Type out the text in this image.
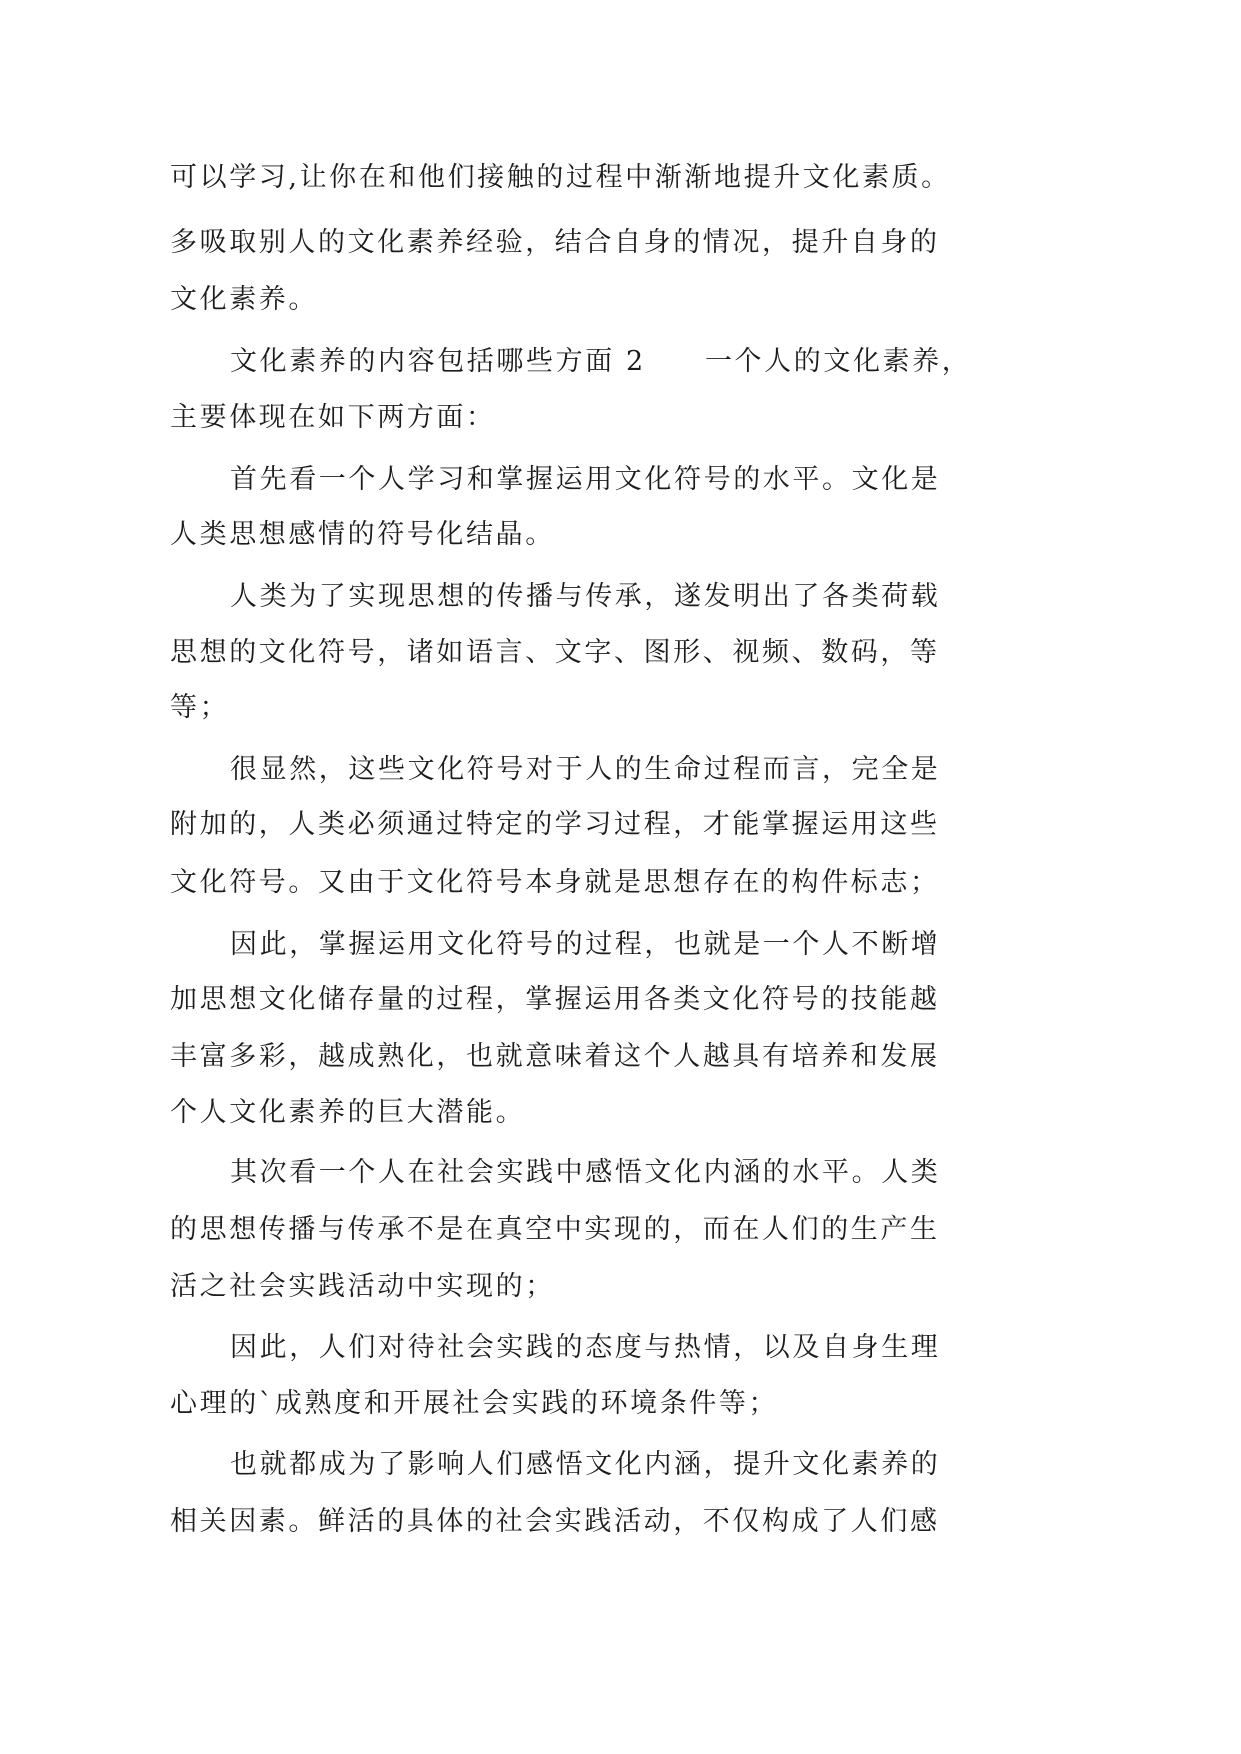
可以学习,让你在和他们接触的过程中渐渐地提升文化素质。
多吸取别人的文化素养经验，结合自身的情况，提升自身的
文化素养。
文化素养的内容包括哪些方面 2　　一个人的文化素养，
主要体现在如下两方面：
首先看一个人学习和掌握运用文化符号的水平。文化是
人类思想感情的符号化结晶。
人类为了实现思想的传播与传承，遂发明出了各类荷载
思想的文化符号，诸如语言、文字、图形、视频、数码，等
等；
很显然，这些文化符号对于人的生命过程而言，完全是
附加的，人类必须通过特定的学习过程，才能掌握运用这些
文化符号。又由于文化符号本身就是思想存在的构件标志；
因此，掌握运用文化符号的过程，也就是一个人不断增
加思想文化储存量的过程，掌握运用各类文化符号的技能越
丰富多彩，越成熟化，也就意味着这个人越具有培养和发展
个人文化素养的巨大潜能。
其次看一个人在社会实践中感悟文化内涵的水平。人类
的思想传播与传承不是在真空中实现的，而在人们的生产生
活之社会实践活动中实现的；
因此，人们对待社会实践的态度与热情，以及自身生理
心理的`成熟度和开展社会实践的环境条件等；
也就都成为了影响人们感悟文化内涵，提升文化素养的
相关因素。鲜活的具体的社会实践活动，不仅构成了人们感
